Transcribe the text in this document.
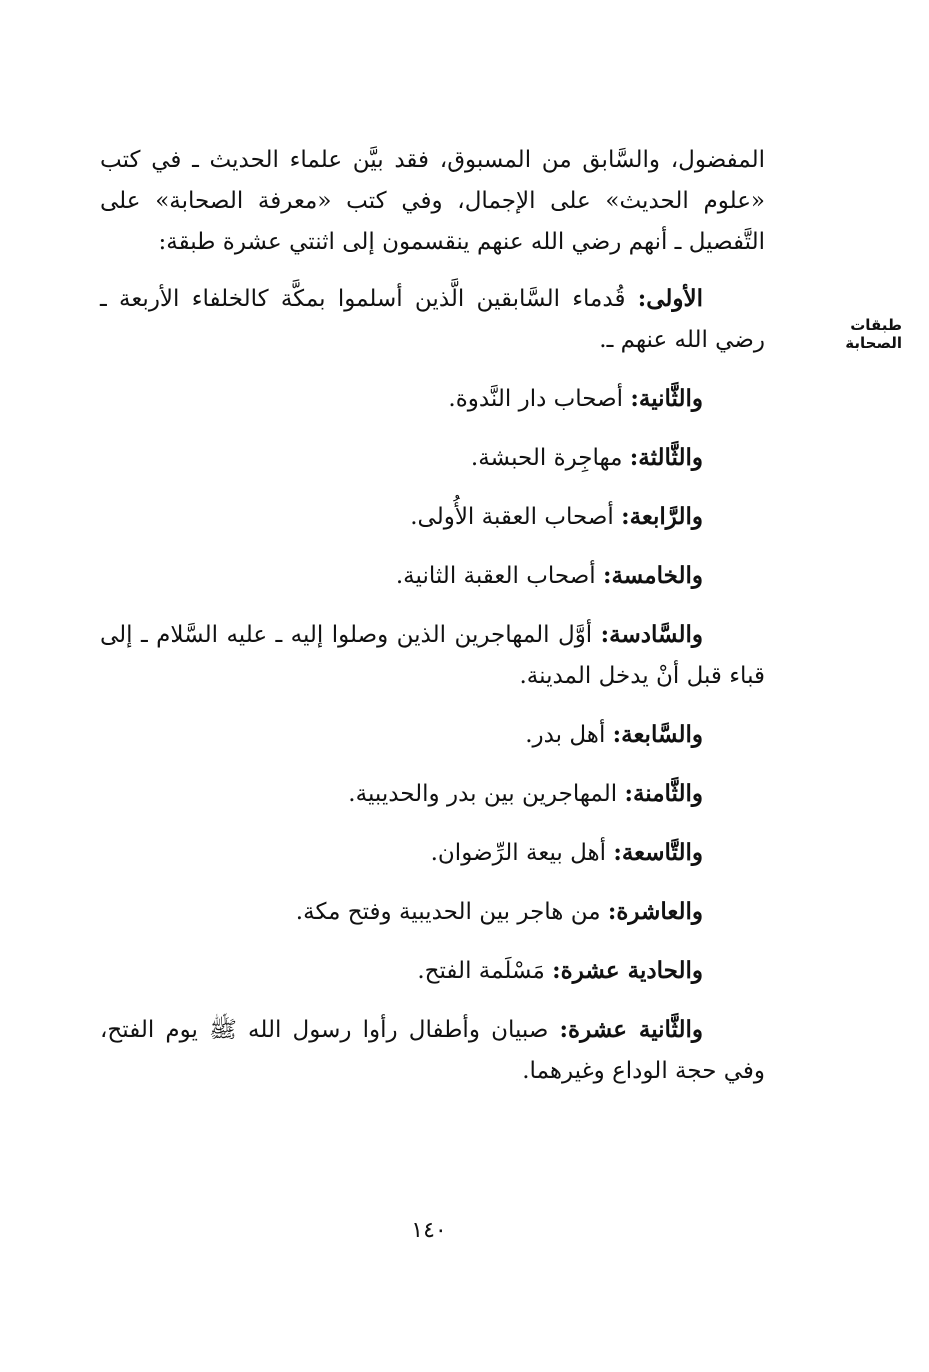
طبقات الصحابة

المفضول، والسَّابق من المسبوق، فقد بيَّن علماء الحديث ـ في كتب «علوم الحديث» على الإجمال، وفي كتب «معرفة الصحابة» على التَّفصيل ـ أنهم رضي الله عنهم ينقسمون إلى اثنتي عشرة طبقة:

الأولى: قُدماء السَّابقين الَّذين أسلموا بمكَّة كالخلفاء الأربعة ـ رضي الله عنهم ـ.

والثَّانية: أصحاب دار النَّدوة.

والثَّالثة: مهاجِرة الحبشة.

والرَّابعة: أصحاب العقبة الأُولى.

والخامسة: أصحاب العقبة الثانية.

والسَّادسة: أوَّل المهاجرين الذين وصلوا إليه ـ عليه السَّلام ـ إلى قباء قبل أنْ يدخل المدينة.

والسَّابعة: أهل بدر.

والثَّامنة: المهاجرين بين بدر والحديبية.

والتَّاسعة: أهل بيعة الرِّضوان.

والعاشرة: من هاجر بين الحديبية وفتح مكة.

والحادية عشرة: مَسْلَمة الفتح.

والثَّانية عشرة: صبيان وأطفال رأوا رسول الله ﷺ يوم الفتح، وفي حجة الوداع وغيرهما.

١٤٠
